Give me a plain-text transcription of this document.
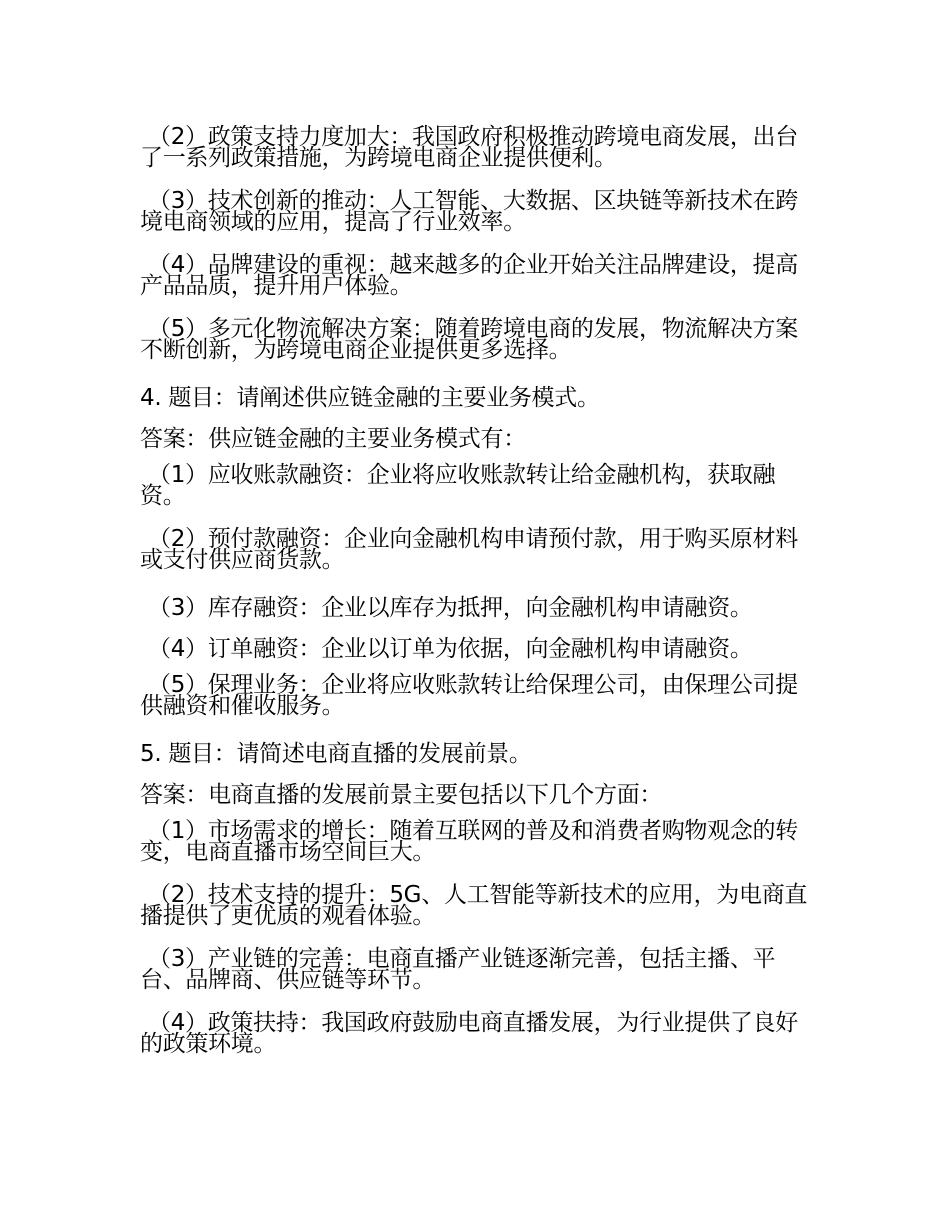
（2）政策支持力度加大：我国政府积极推动跨境电商发展，出台了一系列政策措施，为跨境电商企业提供便利。

（3）技术创新的推动：人工智能、大数据、区块链等新技术在跨境电商领域的应用，提高了行业效率。

（4）品牌建设的重视：越来越多的企业开始关注品牌建设，提高产品品质，提升用户体验。

（5）多元化物流解决方案：随着跨境电商的发展，物流解决方案不断创新，为跨境电商企业提供更多选择。

4. 题目：请阐述供应链金融的主要业务模式。

答案：供应链金融的主要业务模式有：

（1）应收账款融资：企业将应收账款转让给金融机构，获取融资。

（2）预付款融资：企业向金融机构申请预付款，用于购买原材料或支付供应商货款。

（3）库存融资：企业以库存为抵押，向金融机构申请融资。

（4）订单融资：企业以订单为依据，向金融机构申请融资。

（5）保理业务：企业将应收账款转让给保理公司，由保理公司提供融资和催收服务。

5. 题目：请简述电商直播的发展前景。

答案：电商直播的发展前景主要包括以下几个方面：

（1）市场需求的增长：随着互联网的普及和消费者购物观念的转变，电商直播市场空间巨大。

（2）技术支持的提升：5G、人工智能等新技术的应用，为电商直播提供了更优质的观看体验。

（3）产业链的完善：电商直播产业链逐渐完善，包括主播、平台、品牌商、供应链等环节。

（4）政策扶持：我国政府鼓励电商直播发展，为行业提供了良好的政策环境。
